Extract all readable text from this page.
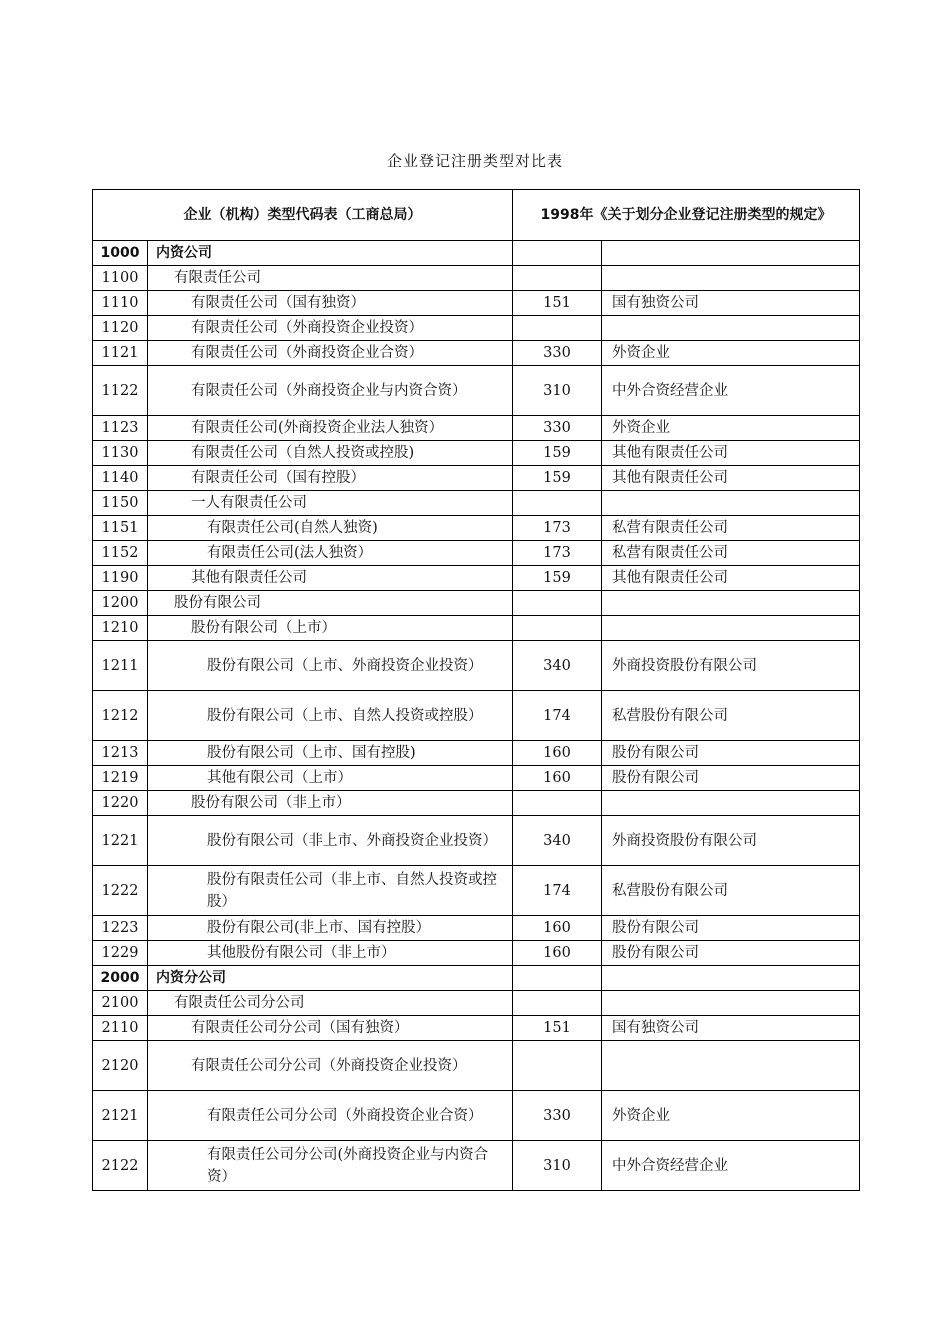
企业登记注册类型对比表
企业（机构）类型代码表（工商总局）		1998年《关于划分企业登记注册类型的规定》	
1000	内资公司		
1100	有限责任公司		
1110	有限责任公司（国有独资）	151	国有独资公司
1120	有限责任公司（外商投资企业投资）		
1121	有限责任公司（外商投资企业合资）	330	外资企业
1122	有限责任公司（外商投资企业与内资合资）	310	中外合资经营企业
1123	有限责任公司(外商投资企业法人独资）	330	外资企业
1130	有限责任公司（自然人投资或控股)	159	其他有限责任公司
1140	有限责任公司（国有控股）	159	其他有限责任公司
1150	一人有限责任公司		
1151	有限责任公司(自然人独资)	173	私营有限责任公司
1152	有限责任公司(法人独资）	173	私营有限责任公司
1190	其他有限责任公司	159	其他有限责任公司
1200	股份有限公司		
1210	股份有限公司（上市）		
1211	股份有限公司（上市、外商投资企业投资）	340	外商投资股份有限公司
1212	股份有限公司（上市、自然人投资或控股）	174	私营股份有限公司
1213	股份有限公司（上市、国有控股)	160	股份有限公司
1219	其他有限公司（上市）	160	股份有限公司
1220	股份有限公司（非上市）		
1221	股份有限公司（非上市、外商投资企业投资）	340	外商投资股份有限公司
1222	股份有限责任公司（非上市、自然人投资或控股）	174	私营股份有限公司
1223	股份有限公司(非上市、国有控股）	160	股份有限公司
1229	其他股份有限公司（非上市）	160	股份有限公司
2000	内资分公司		
2100	有限责任公司分公司		
2110	有限责任公司分公司（国有独资）	151	国有独资公司
2120	有限责任公司分公司（外商投资企业投资）		
2121	有限责任公司分公司（外商投资企业合资）	330	外资企业
2122	有限责任公司分公司(外商投资企业与内资合资）	310	中外合资经营企业
